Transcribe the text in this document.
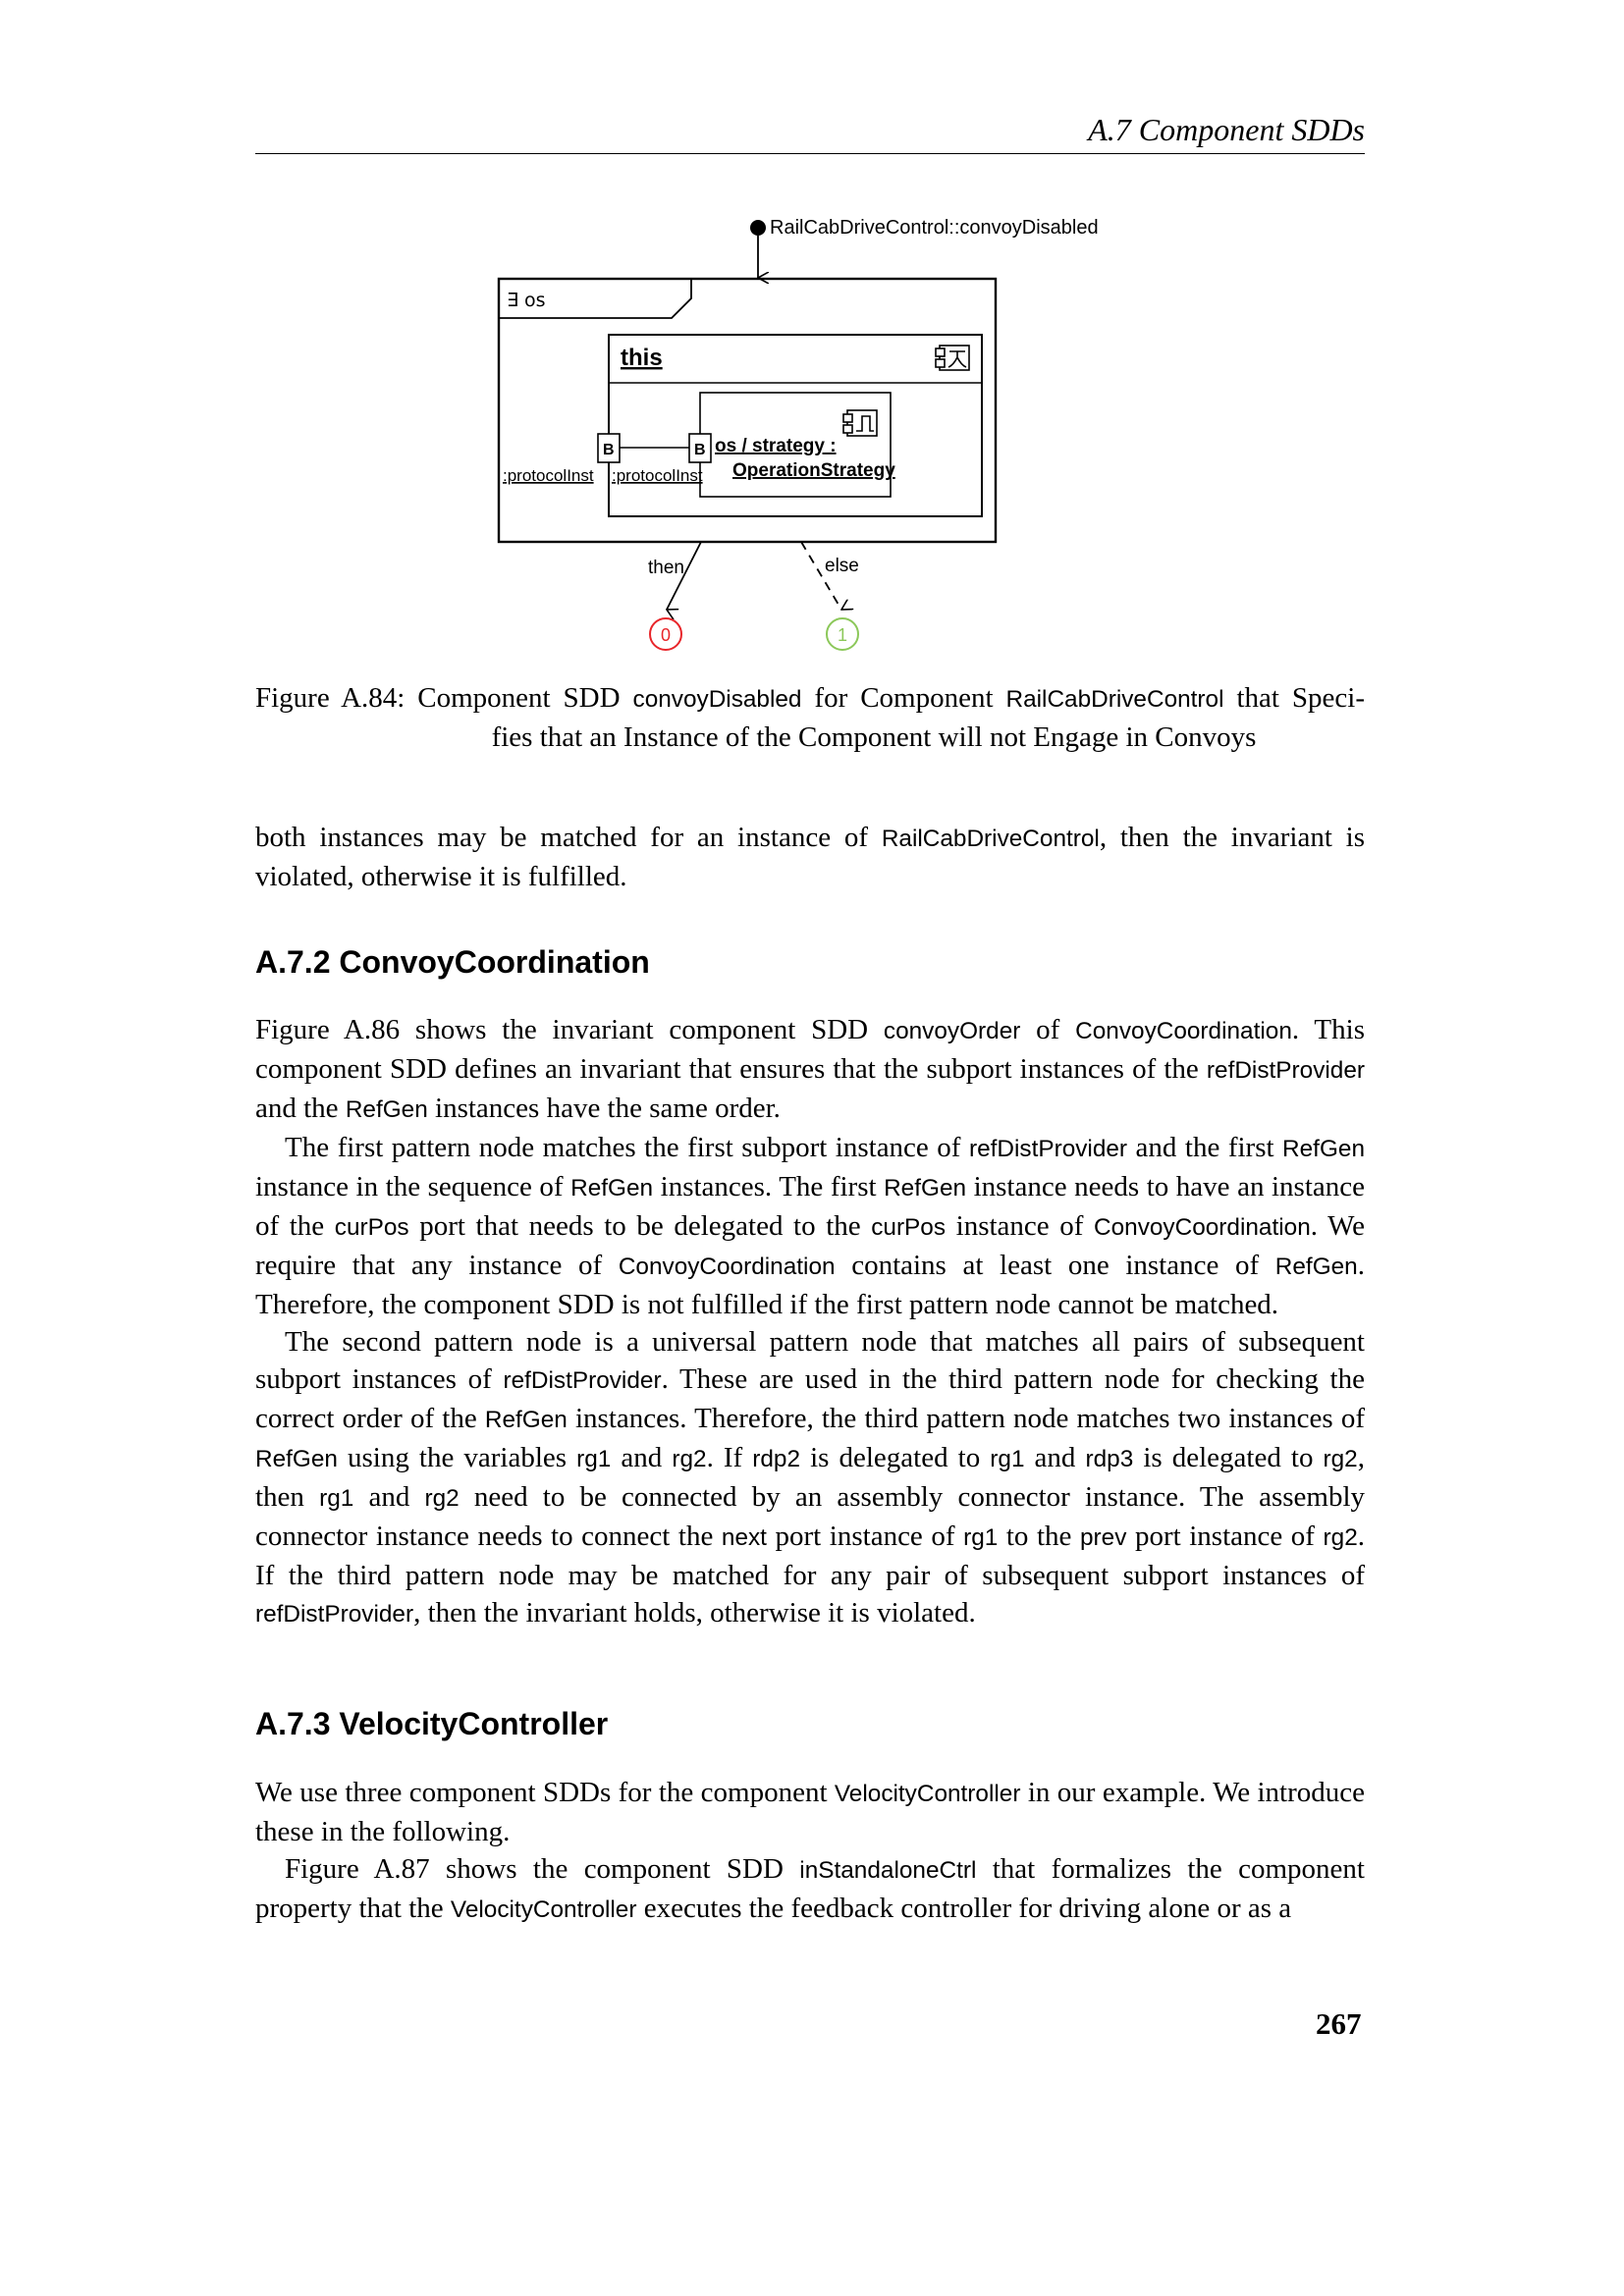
A.7 Component SDDs
RailCabDriveControl::convoyDisabled
∃ os
this
os / strategy :
OperationStrategy
B	B
:protocolInst :protocolInst
then	else
0	1
Figure A.84: Component SDD convoyDisabled for Component RailCabDriveControl that Speci-
fies that an Instance of the Component will not Engage in Convoys

both instances may be matched for an instance of RailCabDriveControl, then the invariant is violated, otherwise it is fulfilled.

A.7.2 ConvoyCoordination

Figure A.86 shows the invariant component SDD convoyOrder of ConvoyCoordination. This component SDD defines an invariant that ensures that the subport instances of the refDistProvider and the RefGen instances have the same order.

The first pattern node matches the first subport instance of refDistProvider and the first RefGen instance in the sequence of RefGen instances. The first RefGen instance needs to have an instance of the curPos port that needs to be delegated to the curPos instance of ConvoyCoordination. We require that any instance of ConvoyCoordination contains at least one instance of RefGen. Therefore, the component SDD is not fulfilled if the first pattern node cannot be matched.

The second pattern node is a universal pattern node that matches all pairs of subsequent subport instances of refDistProvider. These are used in the third pattern node for checking the correct order of the RefGen instances. Therefore, the third pattern node matches two instances of RefGen using the variables rg1 and rg2. If rdp2 is delegated to rg1 and rdp3 is delegated to rg2, then rg1 and rg2 need to be connected by an assembly connector instance. The assembly connector instance needs to connect the next port instance of rg1 to the prev port instance of rg2. If the third pattern node may be matched for any pair of subsequent subport instances of refDistProvider, then the invariant holds, otherwise it is violated.

A.7.3 VelocityController

We use three component SDDs for the component VelocityController in our example. We introduce these in the following.

Figure A.87 shows the component SDD inStandaloneCtrl that formalizes the component property that the VelocityController executes the feedback controller for driving alone or as a

267
